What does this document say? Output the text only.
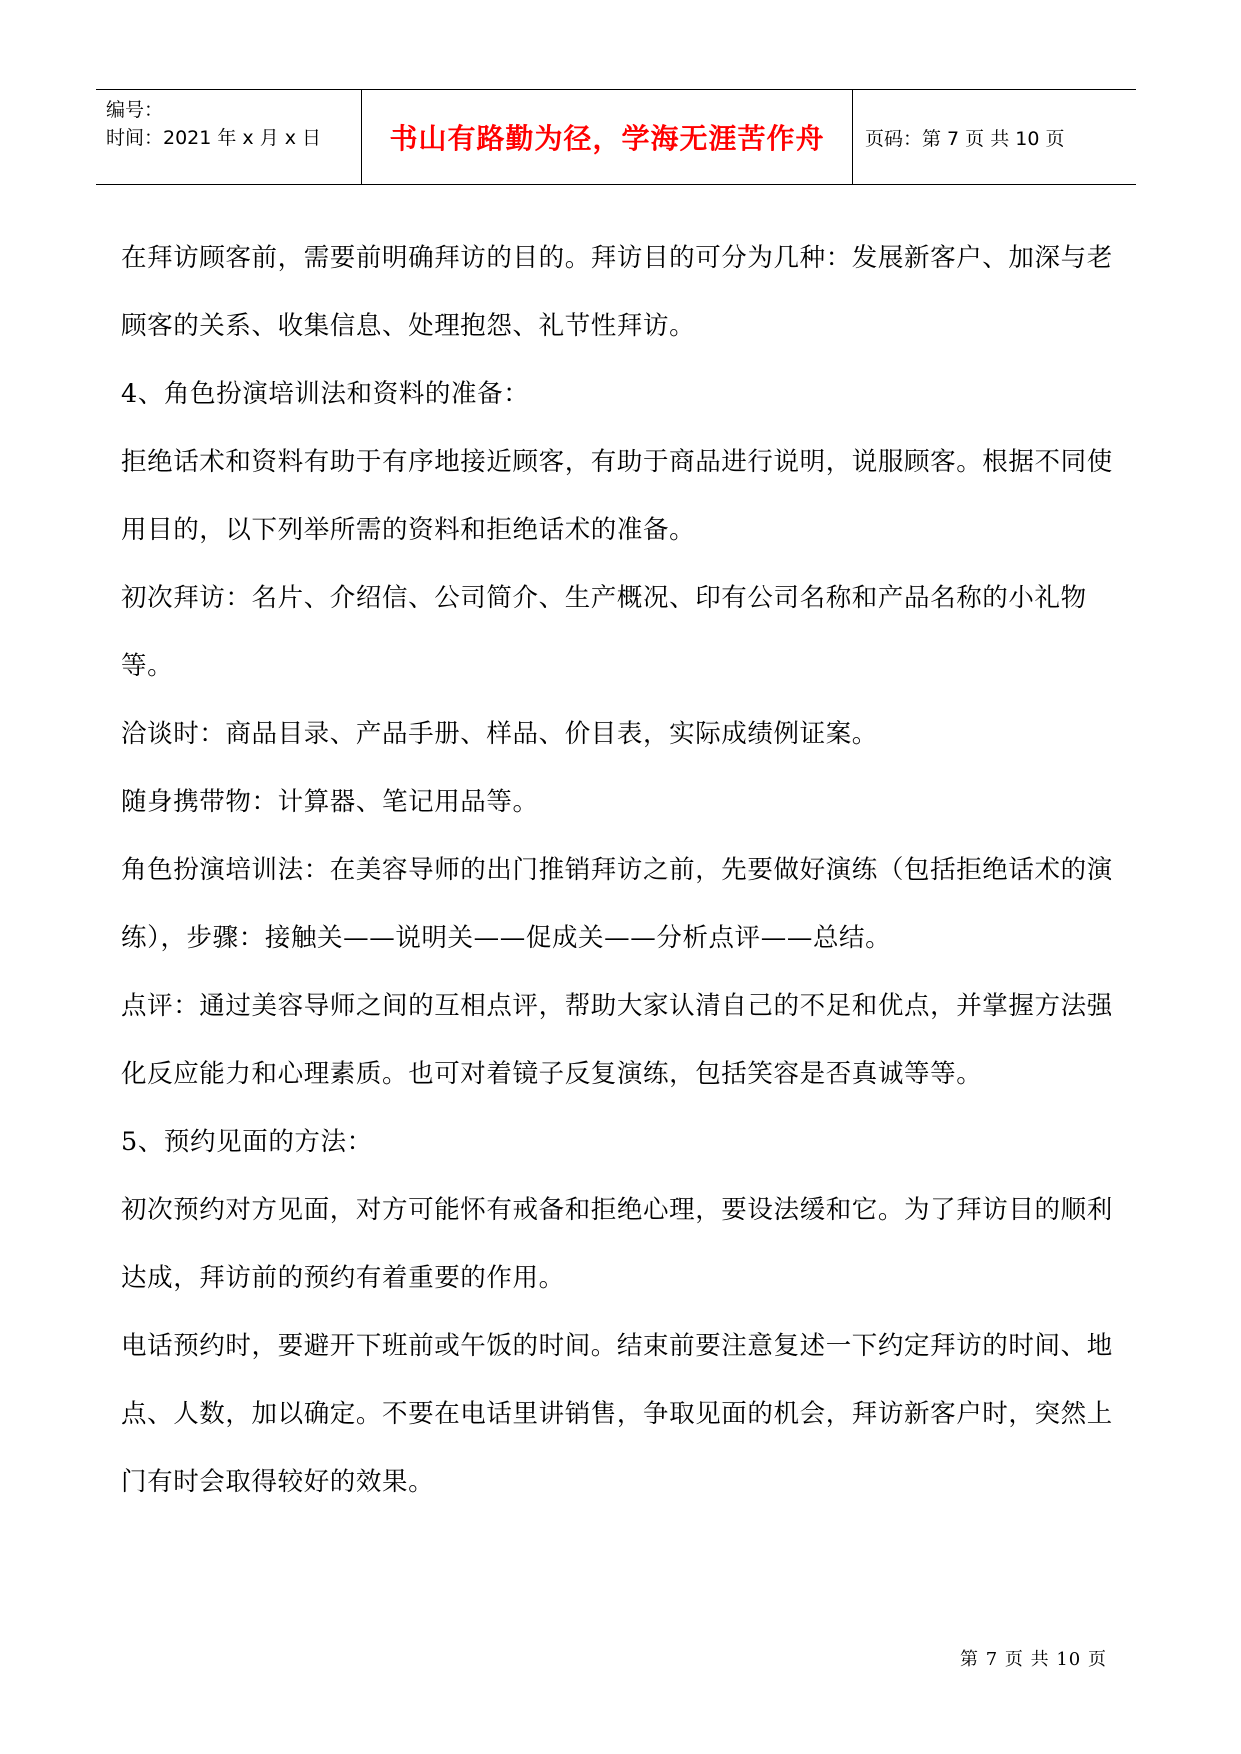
编号：
时间：2021 年 x 月 x 日	书山有路勤为径，学海无涯苦作舟	页码：第 7 页 共 10 页

在拜访顾客前，需要前明确拜访的目的。拜访目的可分为几种：发展新客户、加深与老顾客的关系、收集信息、处理抱怨、礼节性拜访。

4、角色扮演培训法和资料的准备：

拒绝话术和资料有助于有序地接近顾客，有助于商品进行说明，说服顾客。根据不同使用目的，以下列举所需的资料和拒绝话术的准备。

初次拜访：名片、介绍信、公司简介、生产概况、印有公司名称和产品名称的小礼物等。

洽谈时：商品目录、产品手册、样品、价目表，实际成绩例证案。

随身携带物：计算器、笔记用品等。

角色扮演培训法：在美容导师的出门推销拜访之前，先要做好演练（包括拒绝话术的演练），步骤：接触关——说明关——促成关——分析点评——总结。

点评：通过美容导师之间的互相点评，帮助大家认清自己的不足和优点，并掌握方法强化反应能力和心理素质。也可对着镜子反复演练，包括笑容是否真诚等等。

5、预约见面的方法：

初次预约对方见面，对方可能怀有戒备和拒绝心理，要设法缓和它。为了拜访目的顺利达成，拜访前的预约有着重要的作用。

电话预约时，要避开下班前或午饭的时间。结束前要注意复述一下约定拜访的时间、地点、人数，加以确定。不要在电话里讲销售，争取见面的机会，拜访新客户时，突然上门有时会取得较好的效果。

第 7 页 共 10 页
